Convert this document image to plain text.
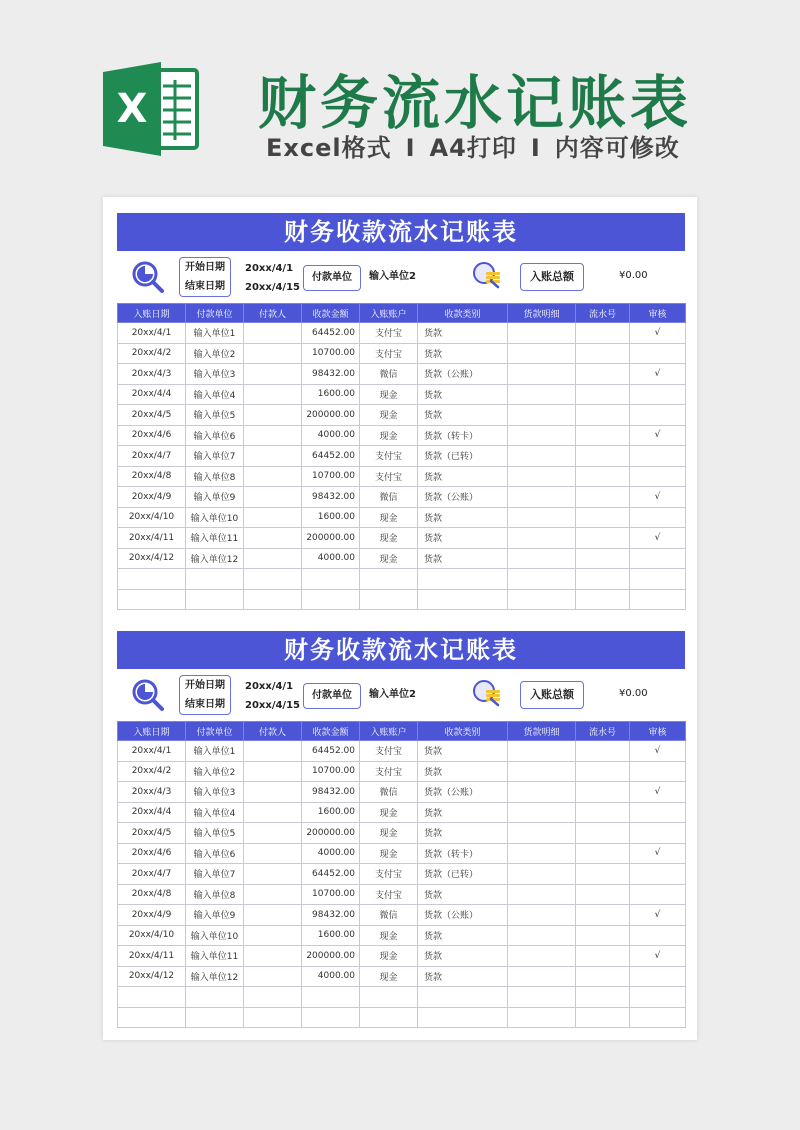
X 财务流水记账表
Excel格式 I A4打印 I 内容可修改
财务收款流水记账表
开始日期
结束日期
20xx/4/1
20xx/4/15
付款单位	输入单位2	入账总额	¥0.00
入账日期	付款单位	付款人	收款金额	入账账户	收款类别	货款明细	流水号	审核
20xx/4/1	输入单位1		64452.00	支付宝	货款			√
20xx/4/2	输入单位2		10700.00	支付宝	货款			
20xx/4/3	输入单位3		98432.00	微信	货款（公账）			√
20xx/4/4	输入单位4		1600.00	现金	货款			
20xx/4/5	输入单位5		200000.00	现金	货款			
20xx/4/6	输入单位6		4000.00	现金	货款（转卡）			√
20xx/4/7	输入单位7		64452.00	支付宝	货款（已转）			
20xx/4/8	输入单位8		10700.00	支付宝	货款			
20xx/4/9	输入单位9		98432.00	微信	货款（公账）			√
20xx/4/10	输入单位10		1600.00	现金	货款			
20xx/4/11	输入单位11		200000.00	现金	货款			√
20xx/4/12	输入单位12		4000.00	现金	货款			

财务收款流水记账表
开始日期
结束日期
20xx/4/1
20xx/4/15
付款单位	输入单位2	入账总额	¥0.00
入账日期	付款单位	付款人	收款金额	入账账户	收款类别	货款明细	流水号	审核
20xx/4/1	输入单位1		64452.00	支付宝	货款			√
20xx/4/2	输入单位2		10700.00	支付宝	货款			
20xx/4/3	输入单位3		98432.00	微信	货款（公账）			√
20xx/4/4	输入单位4		1600.00	现金	货款			
20xx/4/5	输入单位5		200000.00	现金	货款			
20xx/4/6	输入单位6		4000.00	现金	货款（转卡）			√
20xx/4/7	输入单位7		64452.00	支付宝	货款（已转）			
20xx/4/8	输入单位8		10700.00	支付宝	货款			
20xx/4/9	输入单位9		98432.00	微信	货款（公账）			√
20xx/4/10	输入单位10		1600.00	现金	货款			
20xx/4/11	输入单位11		200000.00	现金	货款			√
20xx/4/12	输入单位12		4000.00	现金	货款			
